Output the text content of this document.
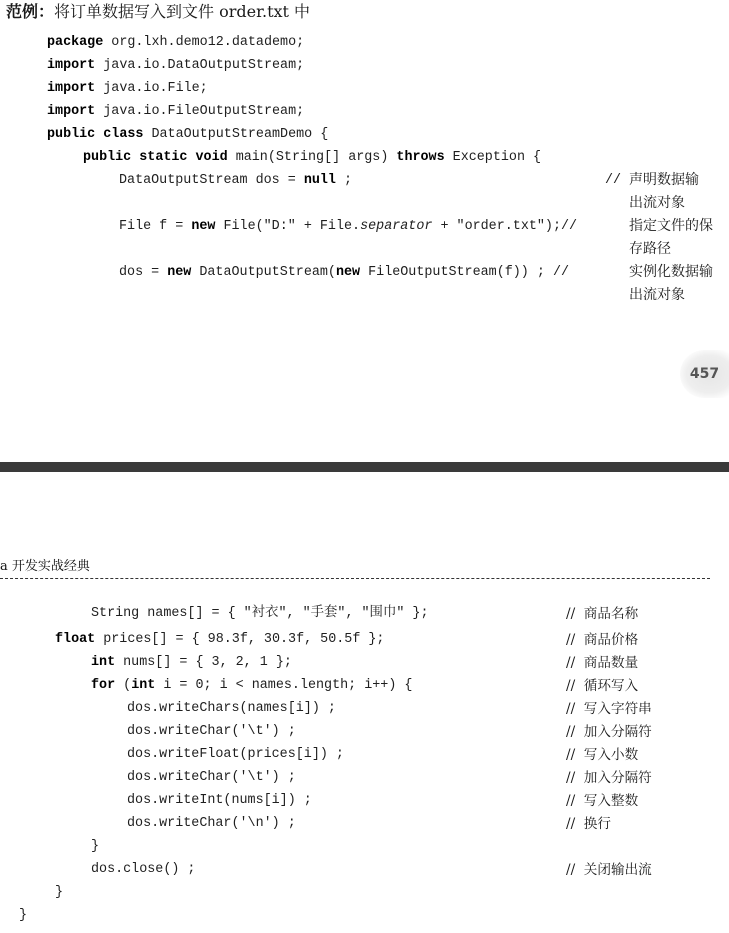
范例：将订单数据写入到文件 order.txt 中
package org.lxh.demo12.datademo;
import java.io.DataOutputStream;
import java.io.File;
import java.io.FileOutputStream;
public class DataOutputStreamDemo {
public static void main(String[] args) throws Exception {
DataOutputStream dos = null ;	// 声明数据输
出流对象
File f = new File("D:" + File.separator + "order.txt");//	指定文件的保
存路径
dos = new DataOutputStream(new FileOutputStream(f)) ; //	实例化数据输
出流对象
457
a 开发实战经典
String names[] = { "衬衣", "手套", "围巾" };	//  商品名称
float prices[] = { 98.3f, 30.3f, 50.5f };	//  商品价格
int nums[] = { 3, 2, 1 };	//  商品数量
for (int i = 0; i < names.length; i++) {	//  循环写入
dos.writeChars(names[i]) ;	//  写入字符串
dos.writeChar('\t') ;	//  加入分隔符
dos.writeFloat(prices[i]) ;	//  写入小数
dos.writeChar('\t') ;	//  加入分隔符
dos.writeInt(nums[i]) ;	//  写入整数
dos.writeChar('\n') ;	//  换行
}
dos.close() ;	//  关闭输出流
}
}
